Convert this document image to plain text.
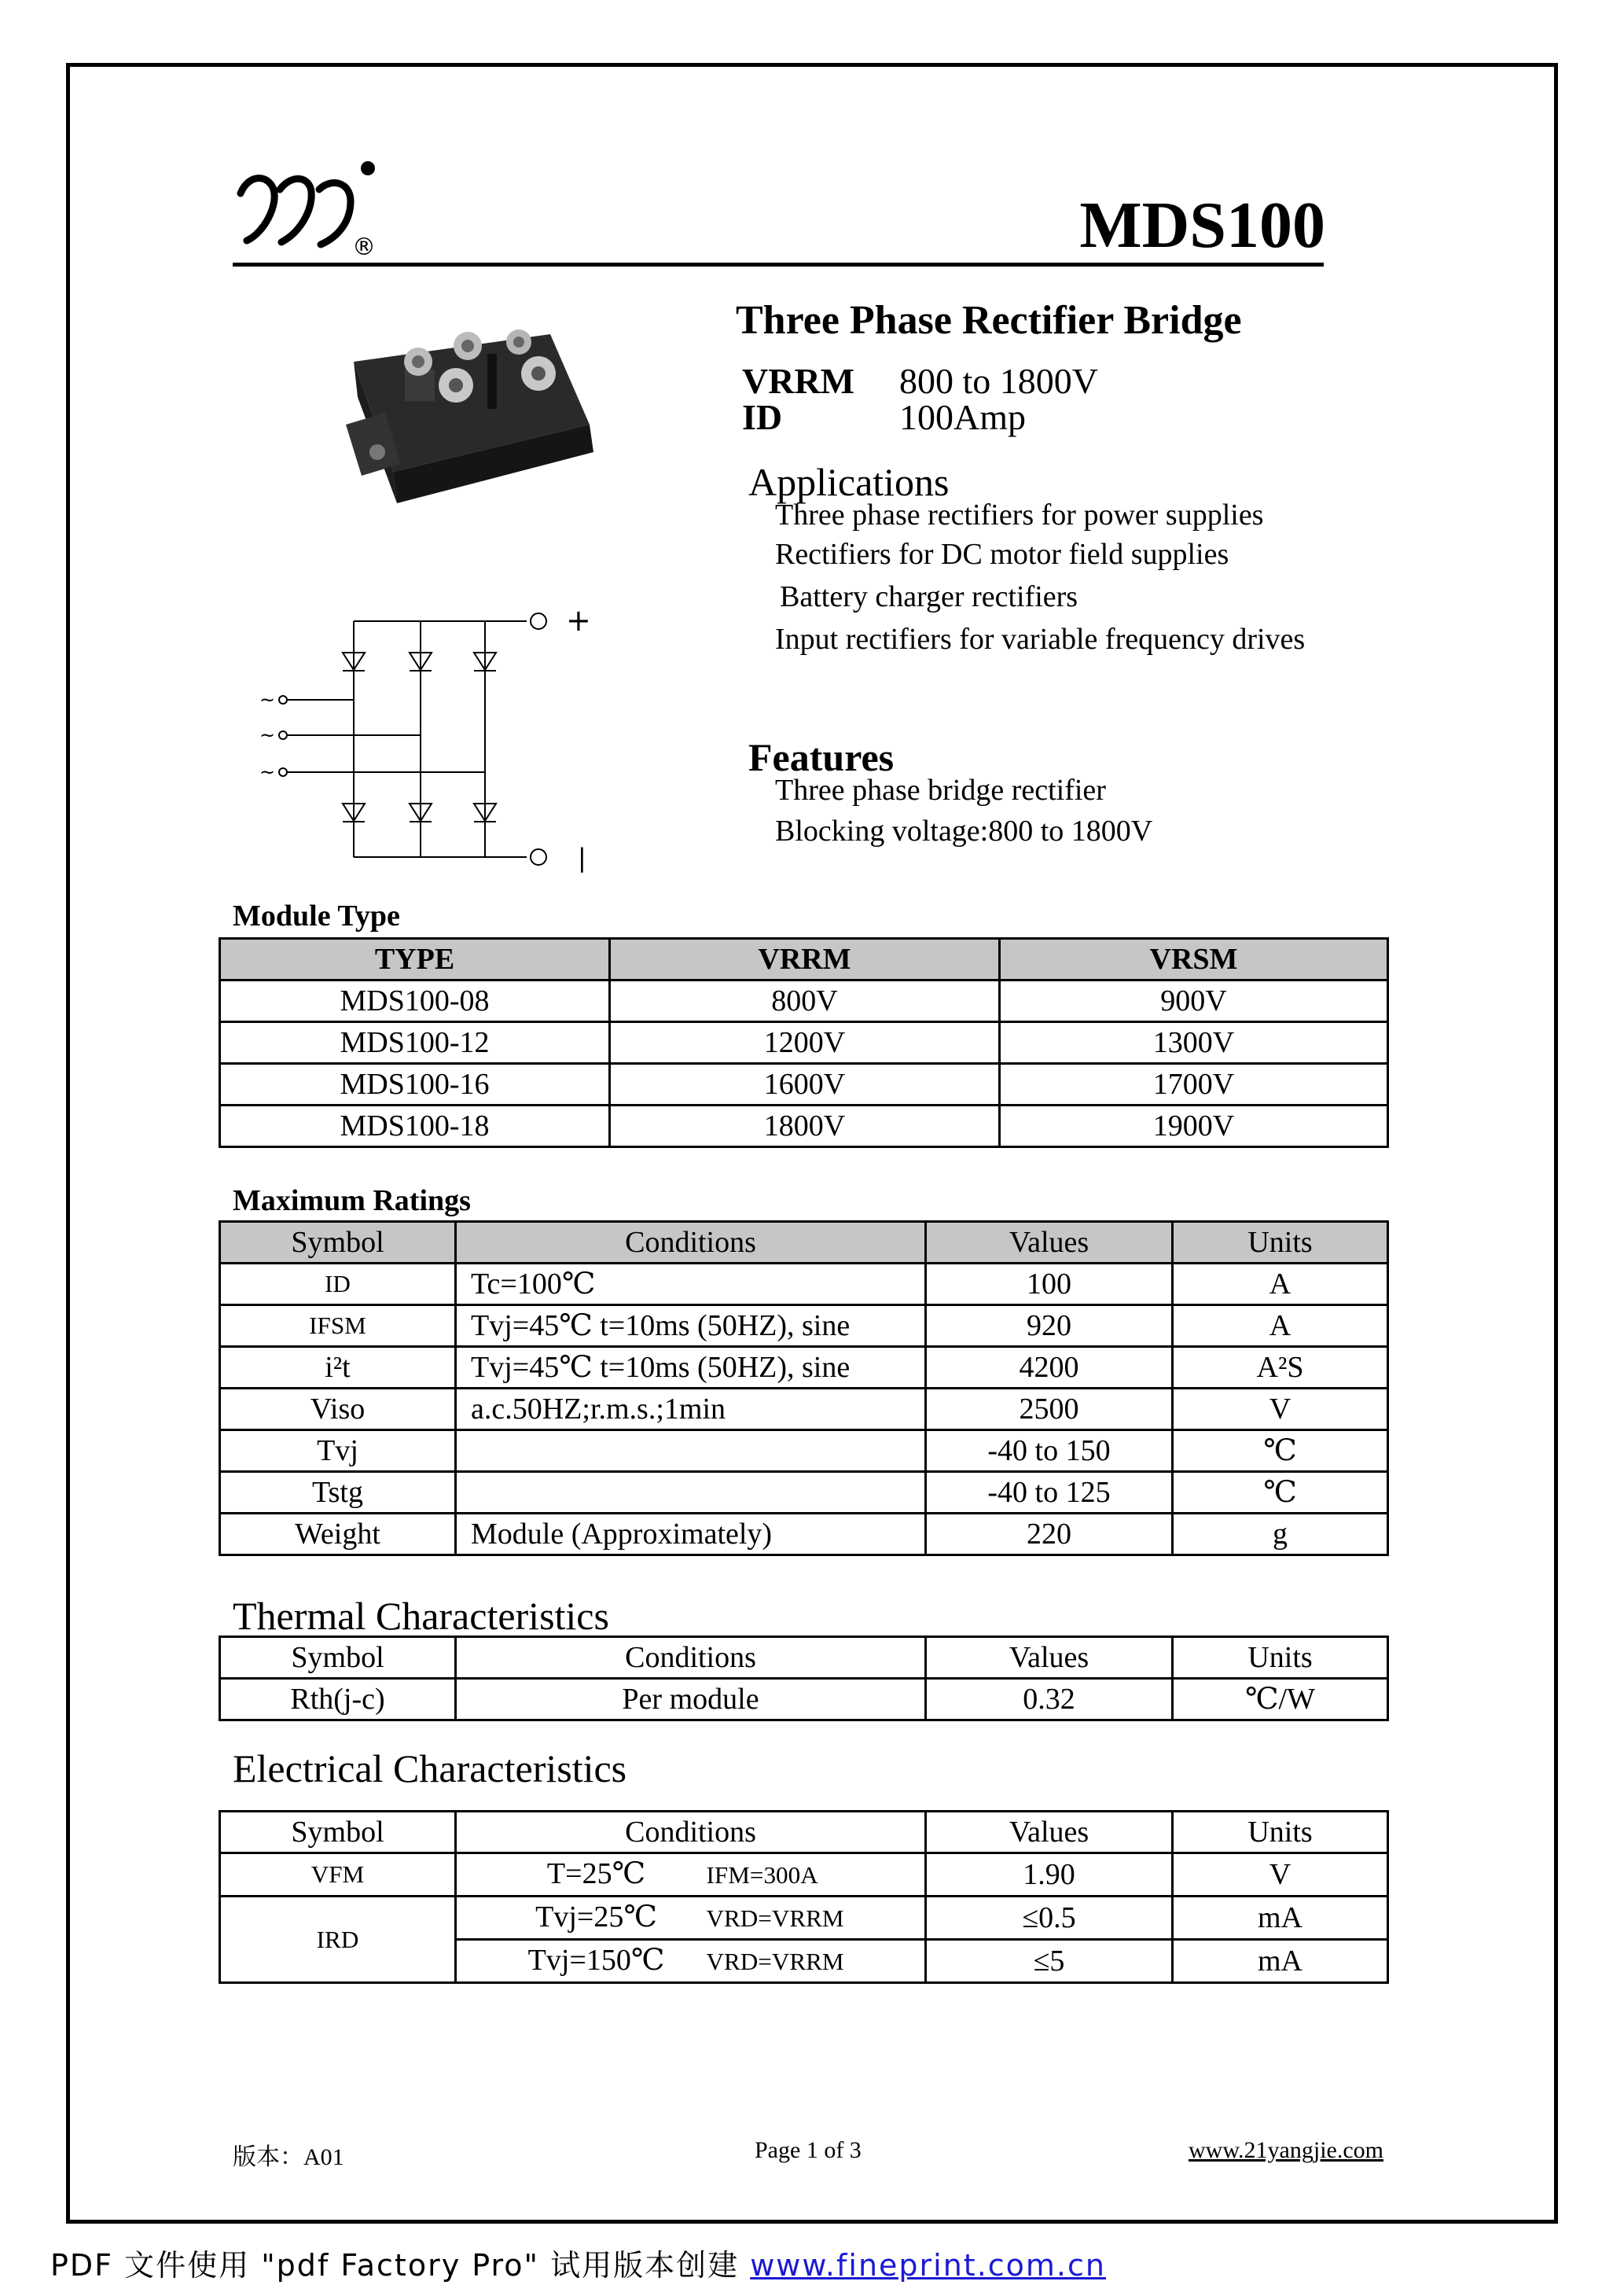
®	MDS100
Three Phase Rectifier Bridge
VRRM 800 to 1800V
ID	100Amp
Applications
Three phase rectifiers for power supplies
Rectifiers for DC motor field supplies
Battery charger rectifiers
Input rectifiers for variable frequency drives
+
|
~
~
~	Features
Three phase bridge rectifier
Blocking voltage:800 to 1800V
Module Type
TYPE	VRRM	VRSM
MDS100-08	800V	900V
MDS100-12	1200V	1300V
MDS100-16	1600V	1700V
MDS100-18	1800V	1900V
Maximum Ratings
Symbol	Conditions	Values	Units
ID	Tc=100℃	100	A
IFSM	Tvj=45℃ t=10ms (50HZ), sine	920	A
i²t	Tvj=45℃ t=10ms (50HZ), sine	4200	A²S
Viso	a.c.50HZ;r.m.s.;1min	2500	V
Tvj		-40 to 150	℃
Tstg		-40 to 125	℃
Weight	Module (Approximately)	220	g
Thermal Characteristics
Symbol	Conditions	Values	Units
Rth(j-c)	Per module	0.32	℃/W
Electrical Characteristics
Symbol	Conditions	Values	Units
VFM	T=25℃ IFM=300A	1.90	V
IRD	Tvj=25℃ VRD=VRRM	≤0.5	mA
	Tvj=150℃ VRD=VRRM	≤5	mA
版本：A01	Page 1 of 3	www.21yangjie.com
PDF 文件使用 "pdf Factory Pro" 试用版本创建 www.fineprint.com.cn
